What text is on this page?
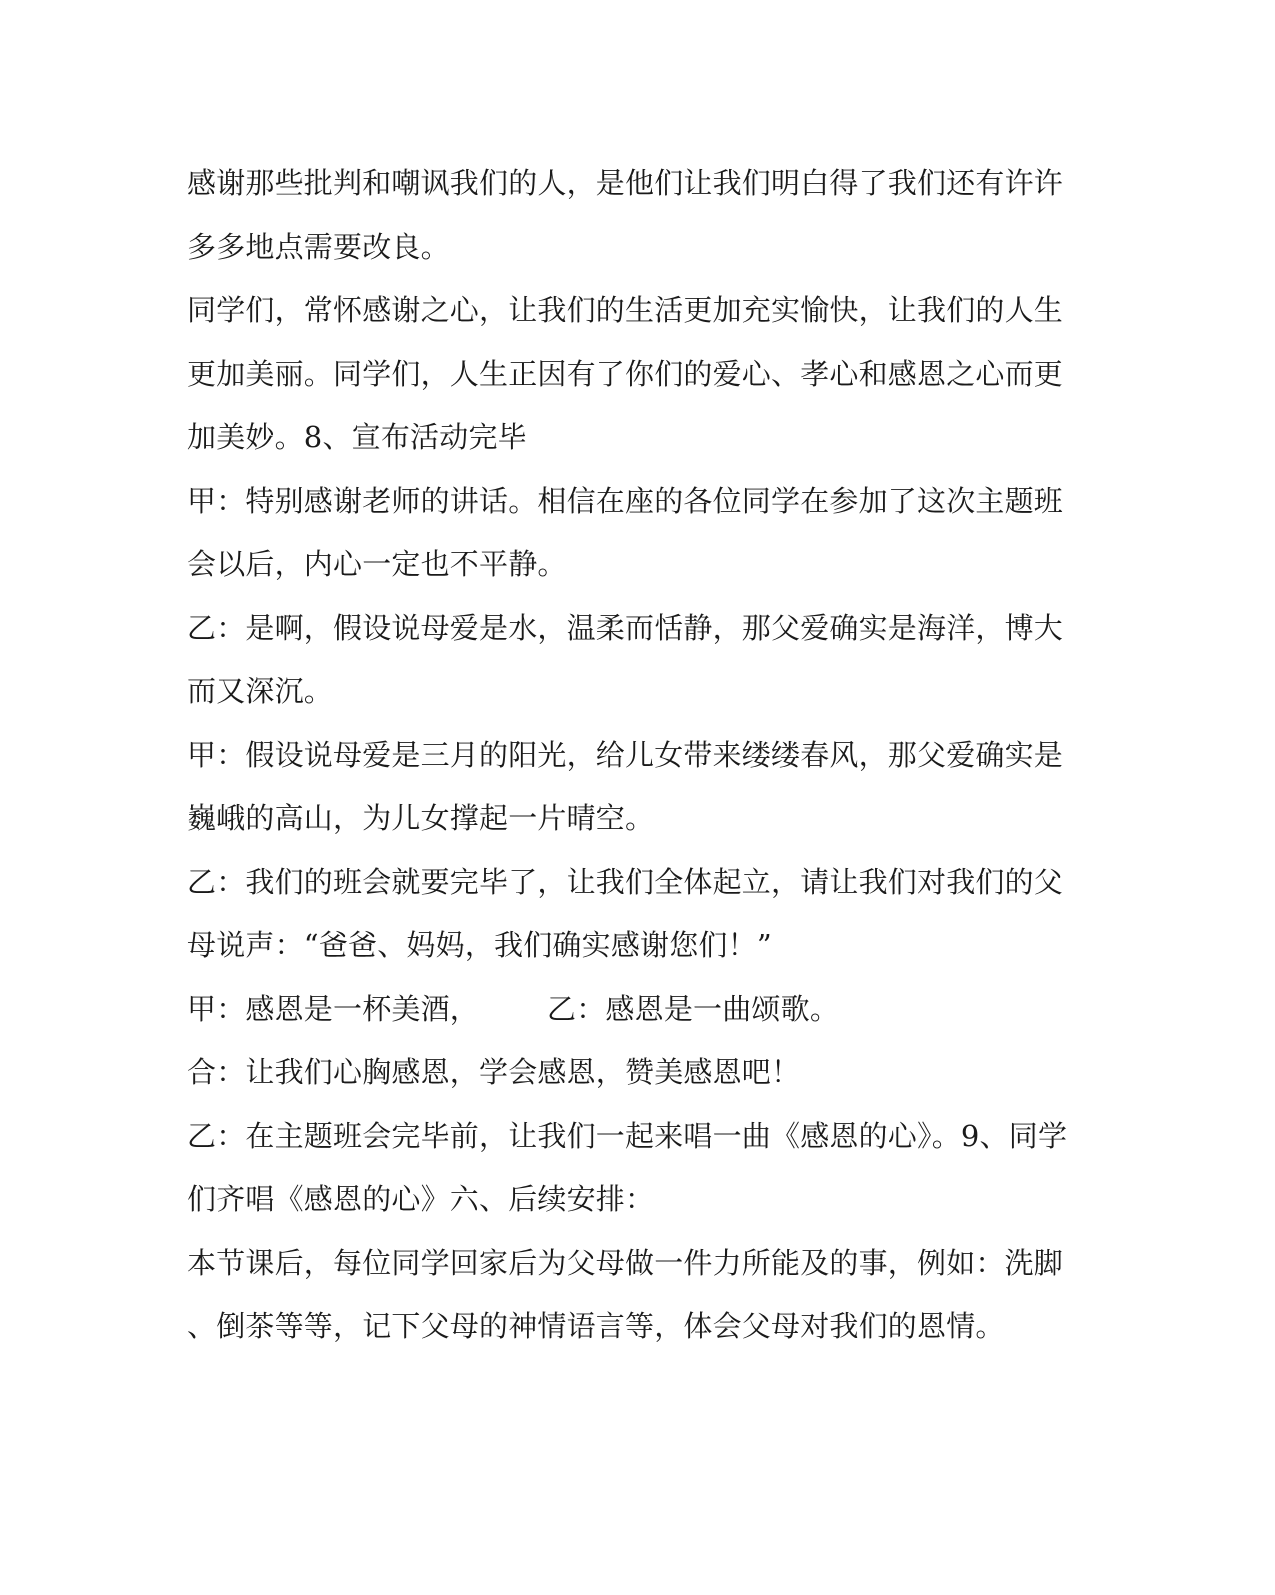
感谢那些批判和嘲讽我们的人，是他们让我们明白得了我们还有许许
多多地点需要改良。
同学们，常怀感谢之心，让我们的生活更加充实愉快，让我们的人生
更加美丽。同学们，人生正因有了你们的爱心、孝心和感恩之心而更
加美妙。8、宣布活动完毕
甲：特别感谢老师的讲话。相信在座的各位同学在参加了这次主题班
会以后，内心一定也不平静。
乙：是啊，假设说母爱是水，温柔而恬静，那父爱确实是海洋，博大
而又深沉。
甲：假设说母爱是三月的阳光，给儿女带来缕缕春风，那父爱确实是
巍峨的高山，为儿女撑起一片晴空。
乙：我们的班会就要完毕了，让我们全体起立，请让我们对我们的父
母说声：“爸爸、妈妈，我们确实感谢您们！”
甲：感恩是一杯美酒， 乙：感恩是一曲颂歌。
合：让我们心胸感恩，学会感恩，赞美感恩吧！
乙：在主题班会完毕前，让我们一起来唱一曲《感恩的心》。9、同学
们齐唱《感恩的心》六、后续安排：
本节课后，每位同学回家后为父母做一件力所能及的事，例如：洗脚
、倒茶等等，记下父母的神情语言等，体会父母对我们的恩情。
